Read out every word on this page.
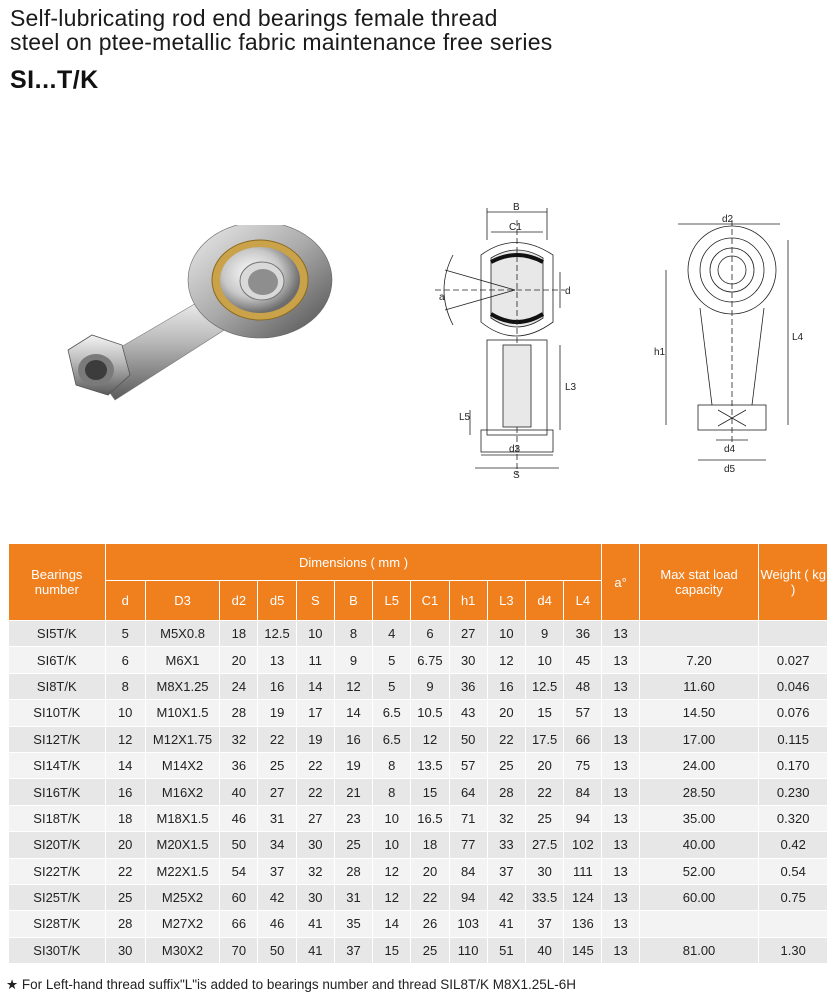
Self-lubricating rod end bearings female thread
steel on ptee-metallic fabric maintenance free series
SI...T/K
B
C1
a
d
L5
L3
d3
S
d2
h1
L4
d4
d5
Bearings number	Dimensions ( mm )												a°	Max stat load capacity	Weight ( kg )
	d	D3	d2	d5	S	B	L5	C1	h1	L3	d4	L4			
SI5T/K	5	M5X0.8	18	12.5	10	8	4	6	27	10	9	36	13		
SI6T/K	6	M6X1	20	13	11	9	5	6.75	30	12	10	45	13	7.20	0.027
SI8T/K	8	M8X1.25	24	16	14	12	5	9	36	16	12.5	48	13	11.60	0.046
SI10T/K	10	M10X1.5	28	19	17	14	6.5	10.5	43	20	15	57	13	14.50	0.076
SI12T/K	12	M12X1.75	32	22	19	16	6.5	12	50	22	17.5	66	13	17.00	0.115
SI14T/K	14	M14X2	36	25	22	19	8	13.5	57	25	20	75	13	24.00	0.170
SI16T/K	16	M16X2	40	27	22	21	8	15	64	28	22	84	13	28.50	0.230
SI18T/K	18	M18X1.5	46	31	27	23	10	16.5	71	32	25	94	13	35.00	0.320
SI20T/K	20	M20X1.5	50	34	30	25	10	18	77	33	27.5	102	13	40.00	0.42
SI22T/K	22	M22X1.5	54	37	32	28	12	20	84	37	30	111	13	52.00	0.54
SI25T/K	25	M25X2	60	42	30	31	12	22	94	42	33.5	124	13	60.00	0.75
SI28T/K	28	M27X2	66	46	41	35	14	26	103	41	37	136	13		
SI30T/K	30	M30X2	70	50	41	37	15	25	110	51	40	145	13	81.00	1.30
★ For Left-hand thread suffix"L"is added to bearings number and thread SIL8T/K M8X1.25L-6H
